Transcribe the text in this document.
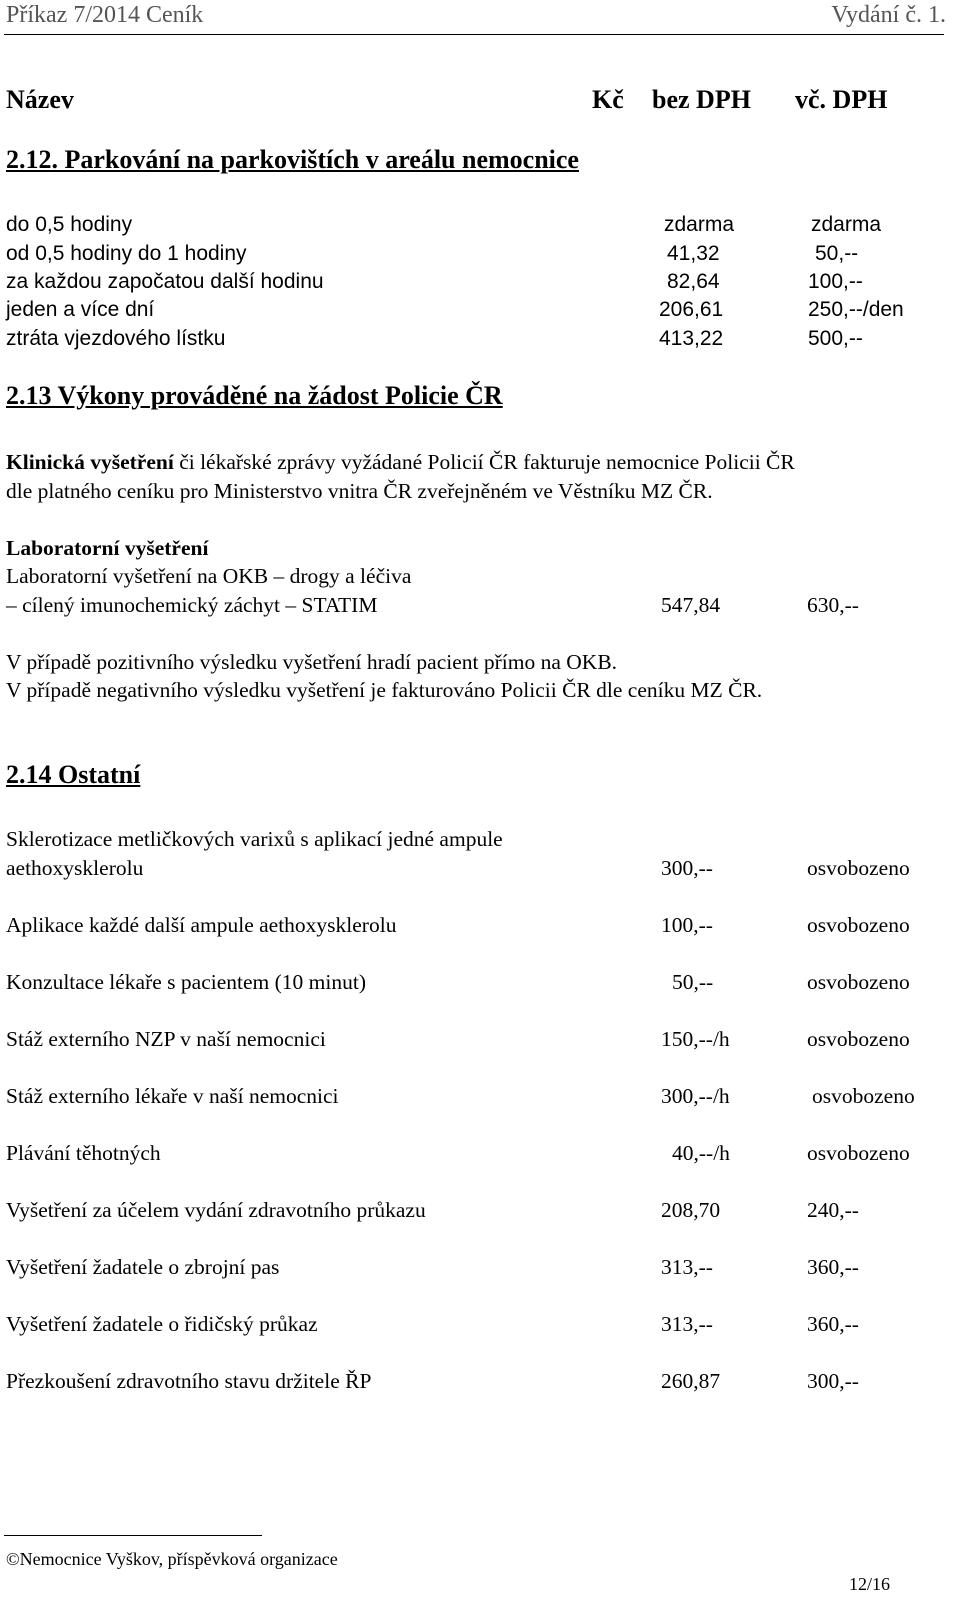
Příkaz 7/2014 Ceník	Vydání č. 1.
Název	Kč bez DPH vč. DPH
2.12. Parkování na parkovištích v areálu nemocnice
do 0,5 hodiny	zdarma	zdarma
od 0,5 hodiny do 1 hodiny	41,32	50,--
za každou započatou další hodinu	82,64	100,--
jeden a více dní	206,61	250,--/den
ztráta vjezdového lístku	413,22	500,--
2.13 Výkony prováděné na žádost Policie ČR
Klinická vyšetření či lékařské zprávy vyžádané Policií ČR fakturuje nemocnice Policii ČR
dle platného ceníku pro Ministerstvo vnitra ČR zveřejněném ve Věstníku MZ ČR.
Laboratorní vyšetření
Laboratorní vyšetření na OKB – drogy a léčiva
– cílený imunochemický záchyt – STATIM	547,84	630,--
V případě pozitivního výsledku vyšetření hradí pacient přímo na OKB.
V případě negativního výsledku vyšetření je fakturováno Policii ČR dle ceníku MZ ČR.
2.14 Ostatní
Sklerotizace metličkových varixů s aplikací jedné ampule
aethoxysklerolu	300,--	osvobozeno
Aplikace každé další ampule aethoxysklerolu	100,--	osvobozeno
Konzultace lékaře s pacientem (10 minut)	50,--	osvobozeno
Stáž externího NZP v naší nemocnici	150,--/h	osvobozeno
Stáž externího lékaře v naší nemocnici	300,--/h	osvobozeno
Plávání těhotných	40,--/h	osvobozeno
Vyšetření za účelem vydání zdravotního průkazu	208,70	240,--
Vyšetření žadatele o zbrojní pas	313,--	360,--
Vyšetření žadatele o řidičský průkaz	313,--	360,--
Přezkoušení zdravotního stavu držitele ŘP	260,87	300,--
©Nemocnice Vyškov, příspěvková organizace
12/16
